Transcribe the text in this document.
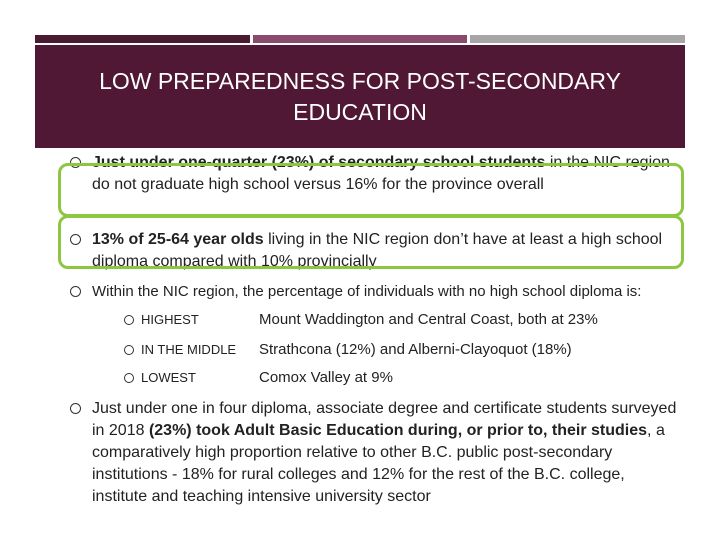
LOW PREPAREDNESS FOR POST-SECONDARY EDUCATION
Just under one-quarter (23%) of secondary school students in the NIC region do not graduate high school versus 16% for the province overall
13% of 25-64 year olds living in the NIC region don’t have at least a high school diploma compared with 10% provincially
Within the NIC region, the percentage of individuals with no high school diploma is:
HIGHEST	Mount Waddington and Central Coast, both at 23%
IN THE MIDDLE Strathcona (12%) and Alberni-Clayoquot (18%)
LOWEST	Comox Valley at 9%
Just under one in four diploma, associate degree and certificate students surveyed in 2018 (23%) took Adult Basic Education during, or prior to, their studies, a comparatively high proportion relative to other B.C. public post-secondary institutions - 18% for rural colleges and 12% for the rest of the B.C. college, institute and teaching intensive university sector
